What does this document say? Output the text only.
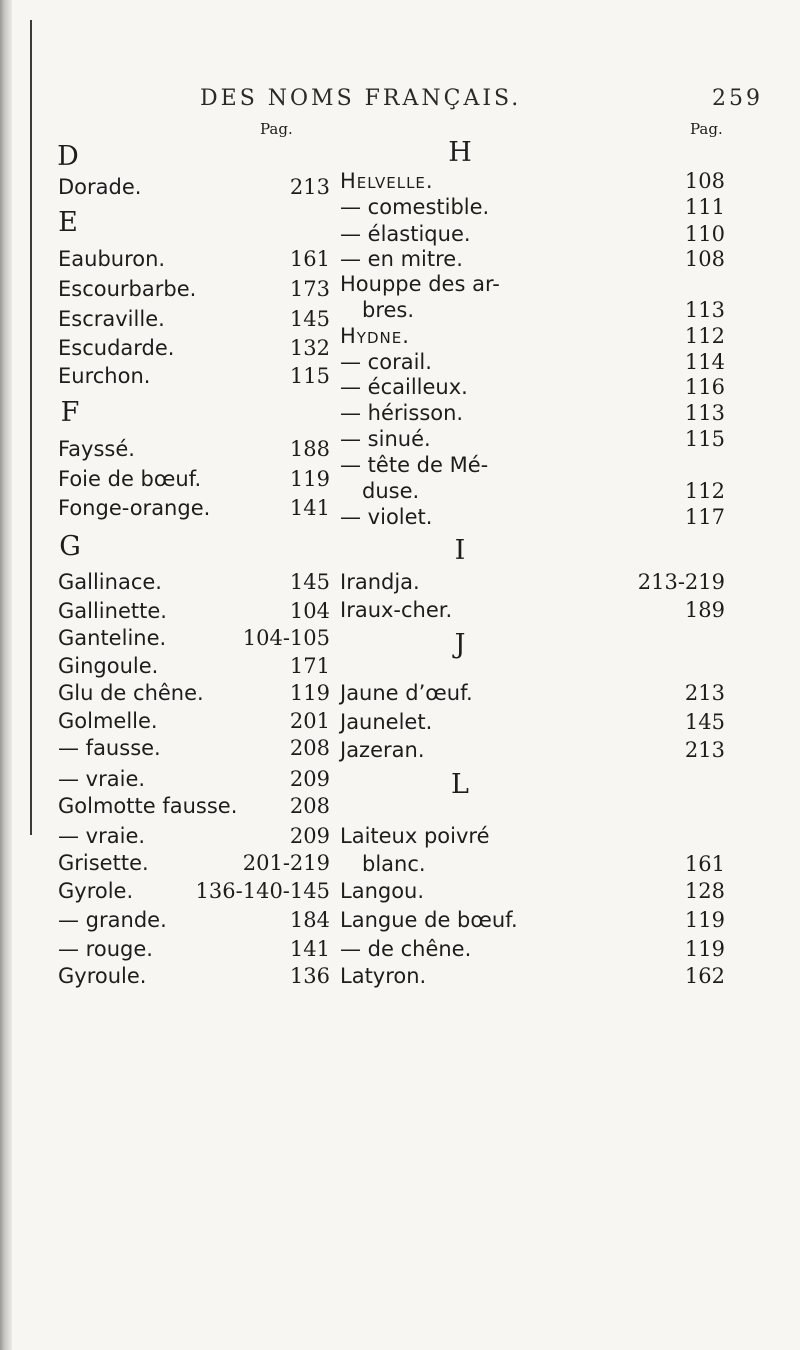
DES NOMS FRANÇAIS.	259
Pag.	Pag.
D
Dorade.	213
E
Eauburon.	161
Escourbarbe.	173
Escraville.	145
Escudarde.	132
Eurchon.	115
F
Fayssé.	188
Foie de bœuf.	119
Fonge-orange.	141
G
Gallinace.	145
Gallinette.	104
Ganteline.	104-105
Gingoule.	171
Glu de chêne.	119
Golmelle.	201
— fausse.	208
— vraie.	209
Golmotte fausse.	208
— vraie.	209
Grisette.	201-219
Gyrole.	136-140-145
— grande.	184
— rouge.	141
Gyroule.	136
H
Helvelle.	108
— comestible.	111
— élastique.	110
— en mitre.	108
Houppe des ar-
bres.	113
Hydne.	112
— corail.	114
— écailleux.	116
— hérisson.	113
— sinué.	115
— tête de Mé-
duse.	112
— violet.	117
I
Irandja.	213-219
Iraux-cher.	189
J
Jaune d’œuf.	213
Jaunelet.	145
Jazeran.	213
L
Laiteux poivré
blanc.	161
Langou.	128
Langue de bœuf.	119
— de chêne.	119
Latyron.	162
